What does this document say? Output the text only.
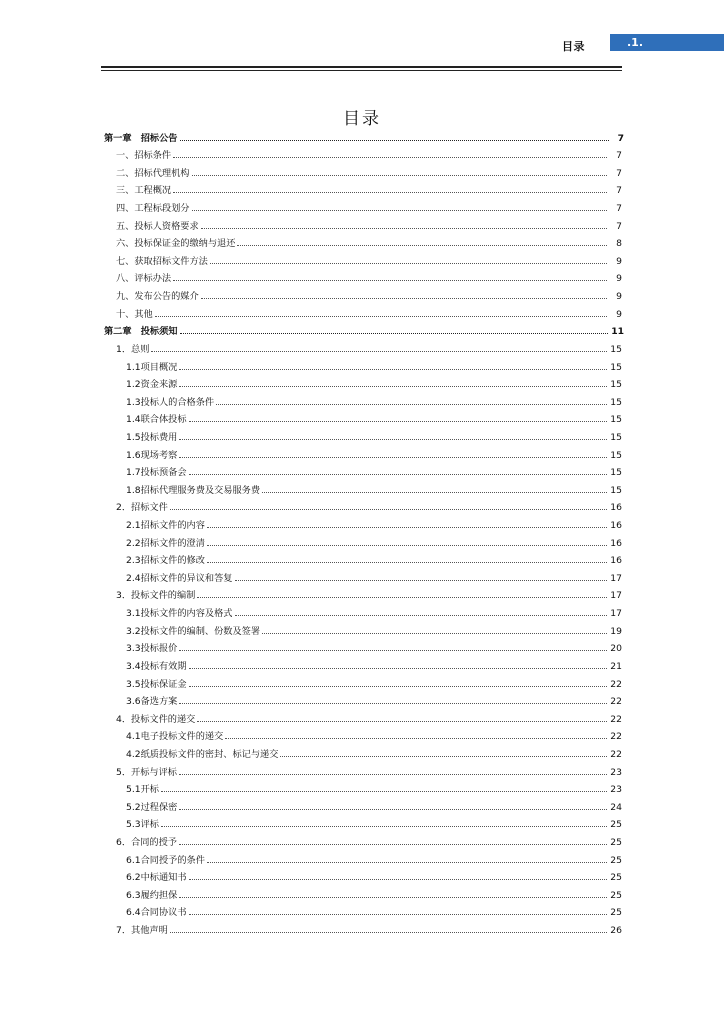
目录	.1.
目录
第一章　招标公告	7
一、招标条件	7
二、招标代理机构	7
三、工程概况	7
四、工程标段划分	7
五、投标人资格要求	7
六、投标保证金的缴纳与退还	8
七、获取招标文件方法	9
八、评标办法	9
九、发布公告的媒介	9
十、其他	9
第二章　投标须知	11
1．总则	15
1.1项目概况	15
1.2资金来源	15
1.3投标人的合格条件	15
1.4联合体投标	15
1.5投标费用	15
1.6现场考察	15
1.7投标预备会	15
1.8招标代理服务费及交易服务费	15
2．招标文件	16
2.1招标文件的内容	16
2.2招标文件的澄清	16
2.3招标文件的修改	16
2.4招标文件的异议和答复	17
3．投标文件的编制	17
3.1投标文件的内容及格式	17
3.2投标文件的编制、份数及签署	19
3.3投标报价	20
3.4投标有效期	21
3.5投标保证金	22
3.6备选方案	22
4．投标文件的递交	22
4.1电子投标文件的递交	22
4.2纸质投标文件的密封、标记与递交	22
5．开标与评标	23
5.1开标	23
5.2过程保密	24
5.3评标	25
6．合同的授予	25
6.1合同授予的条件	25
6.2中标通知书	25
6.3履约担保	25
6.4合同协议书	25
7．其他声明	26
